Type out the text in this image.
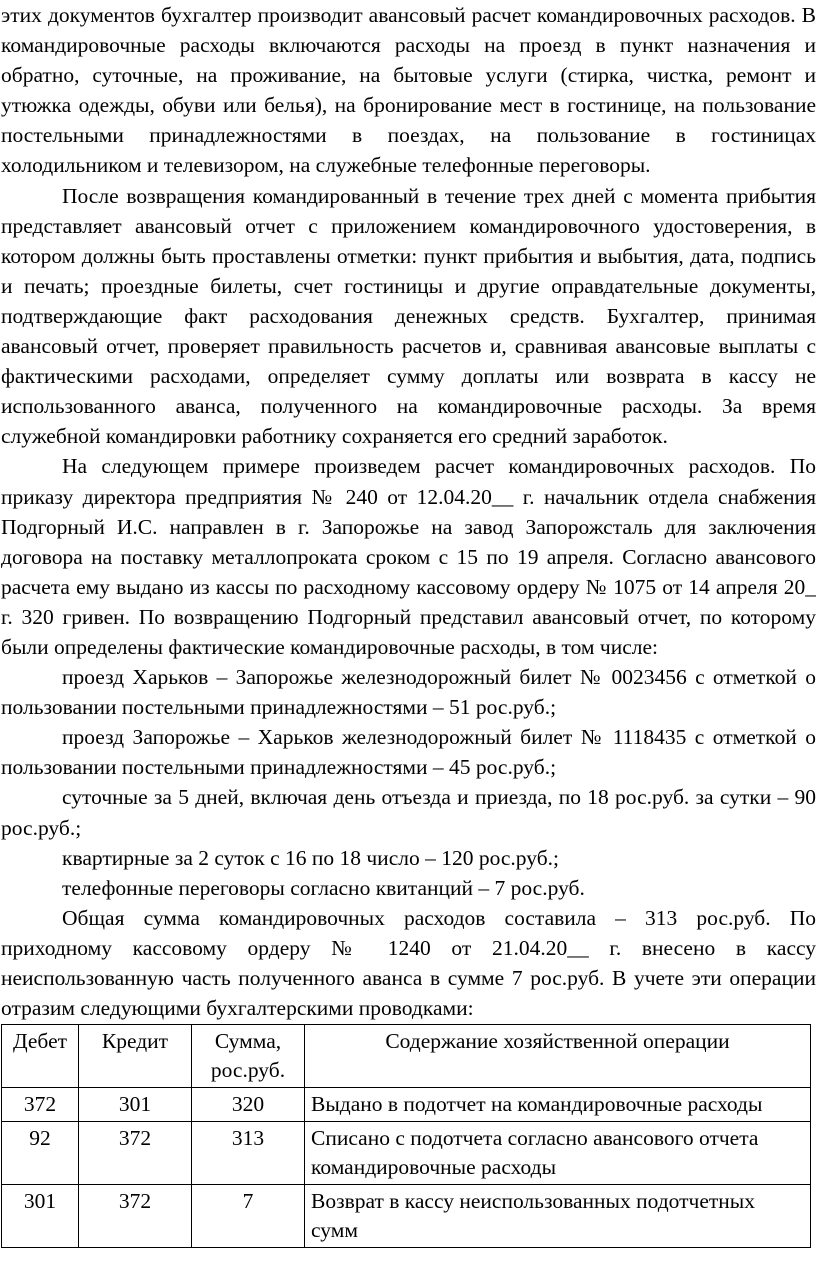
этих документов бухгалтер производит авансовый расчет командировочных расходов. В командировочные расходы включаются расходы на проезд в пункт назначения и обратно, суточные, на проживание, на бытовые услуги (стирка, чистка, ремонт и утюжка одежды, обуви или белья), на бронирование мест в гостинице, на пользование постельными принадлежностями в поездах, на пользование в гостиницах холодильником и телевизором, на служебные телефонные переговоры.

После возвращения командированный в течение трех дней с момента прибытия представляет авансовый отчет с приложением командировочного удостоверения, в котором должны быть проставлены отметки: пункт прибытия и выбытия, дата, подпись и печать; проездные билеты, счет гостиницы и другие оправдательные документы, подтверждающие факт расходования денежных средств. Бухгалтер, принимая авансовый отчет, проверяет правильность расчетов и, сравнивая авансовые выплаты с фактическими расходами, определяет сумму доплаты или возврата в кассу не использованного аванса, полученного на командировочные расходы. За время служебной командировки работнику сохраняется его средний заработок.

На следующем примере произведем расчет командировочных расходов. По приказу директора предприятия № 240 от 12.04.20__ г. начальник отдела снабжения Подгорный И.С. направлен в г. Запорожье на завод Запорожсталь для заключения договора на поставку металлопроката сроком с 15 по 19 апреля. Согласно авансового расчета ему выдано из кассы по расходному кассовому ордеру № 1075 от 14 апреля 20_ г. 320 гривен. По возвращению Подгорный представил авансовый отчет, по которому были определены фактические командировочные расходы, в том числе:

проезд Харьков – Запорожье железнодорожный билет № 0023456 с отметкой о пользовании постельными принадлежностями – 51 рос.руб.;

проезд Запорожье – Харьков железнодорожный билет № 1118435 с отметкой о пользовании постельными принадлежностями – 45 рос.руб.;

суточные за 5 дней, включая день отъезда и приезда, по 18 рос.руб. за сутки – 90 рос.руб.;

квартирные за 2 суток с 16 по 18 число – 120 рос.руб.;

телефонные переговоры согласно квитанций – 7 рос.руб.

Общая сумма командировочных расходов составила – 313 рос.руб. По приходному кассовому ордеру № 1240 от 21.04.20__ г. внесено в кассу неиспользованную часть полученного аванса в сумме 7 рос.руб. В учете эти операции отразим следующими бухгалтерскими проводками:

Дебет	Кредит	Сумма, рос.руб.	Содержание хозяйственной операции
372	301	320	Выдано в подотчет на командировочные расходы
92	372	313	Списано с подотчета согласно авансового отчета командировочные расходы
301	372	7	Возврат в кассу неиспользованных подотчетных сумм
